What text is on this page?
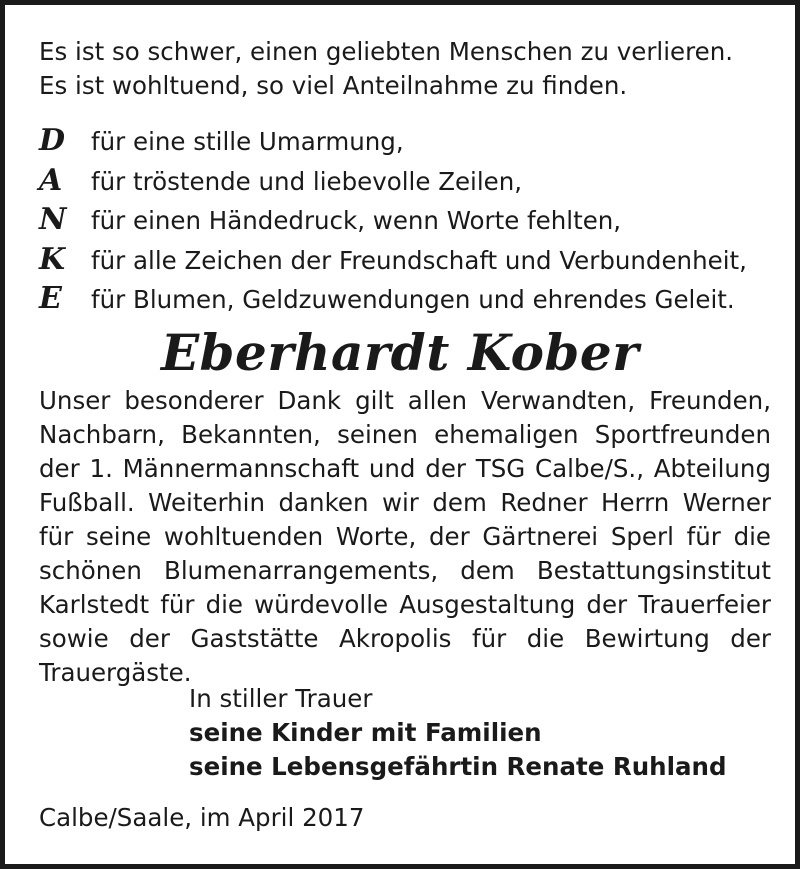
Es ist so schwer, einen geliebten Menschen zu verlieren.

Es ist wohltuend, so viel Anteilnahme zu finden.

D	für eine stille Umarmung,
A	für tröstende und liebevolle Zeilen,
N	für einen Händedruck, wenn Worte fehlten,
K	für alle Zeichen der Freundschaft und Verbundenheit,
E	für Blumen, Geldzuwendungen und ehrendes Geleit.
Eberhardt Kober

Unser besonderer Dank gilt allen Verwandten, Freunden, Nachbarn, Bekannten, seinen ehemaligen Sportfreunden der 1. Männermannschaft und der TSG Calbe/S., Abteilung Fußball. Weiterhin danken wir dem Redner Herrn Werner für seine wohltuenden Worte, der Gärtnerei Sperl für die schönen Blumenarrangements, dem Bestattungsinstitut Karlstedt für die würdevolle Ausgestaltung der Trauerfeier sowie der Gaststätte Akropolis für die Bewirtung der Trauergäste.

In stiller Trauer
seine Kinder mit Familien
seine Lebensgefährtin Renate Ruhland
Calbe/Saale, im April 2017
